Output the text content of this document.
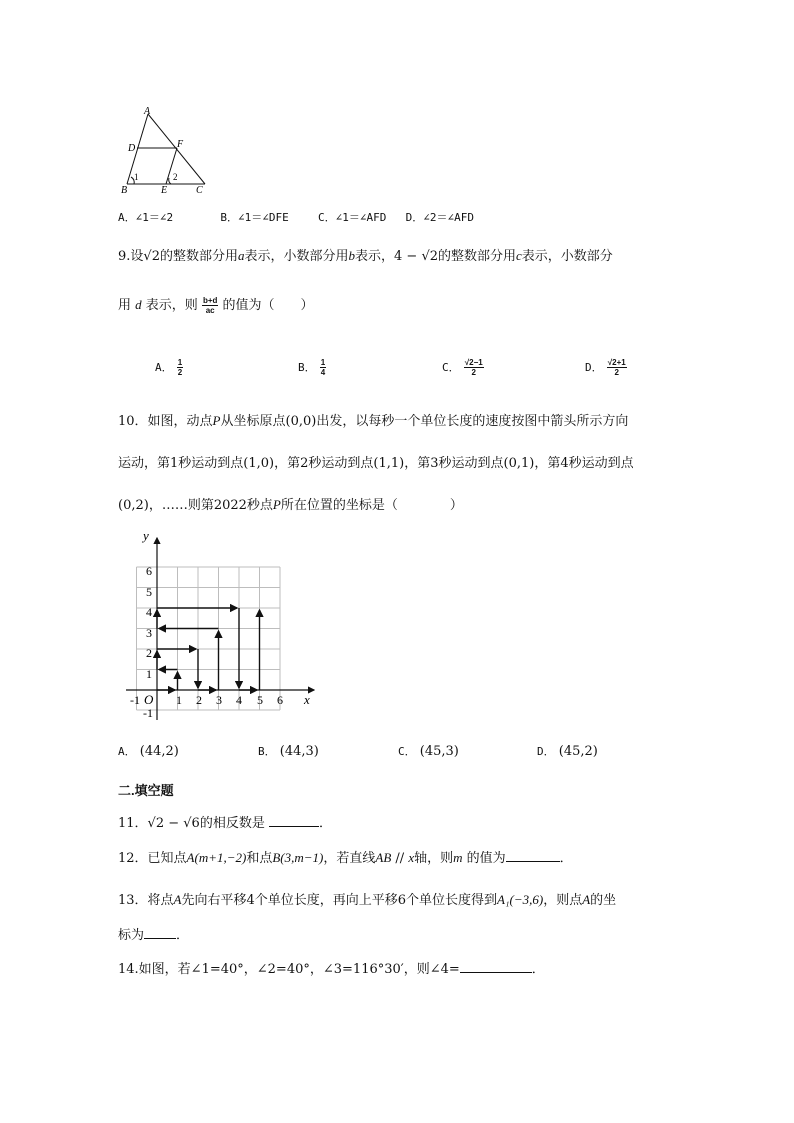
A
D	F
B	E	C
1	2
A．∠1＝∠2	B．∠1＝∠DFE	C．∠1＝∠AFD D．∠2＝∠AFD
9.设√2的整数部分用a表示，小数部分用b表示，4 − √2的整数部分用c表示，小数部分
用 d 表示，则 $\frac{b+d}{ac}$ 的值为（　　）
A． $\frac{1}{2}$	B． $\frac{1}{4}$	C． $\frac{√2-1}{2}$	D． $\frac{√2+1}{2}$
10．如图，动点P从坐标原点(0,0)出发，以每秒一个单位长度的速度按图中箭头所示方向
运动，第1秒运动到点(1,0)，第2秒运动到点(1,1)，第3秒运动到点(0,1)，第4秒运动到点
(0,2)，……则第2022秒点P所在位置的坐标是（　　　　）
y
x
O
6
5
4
3
2
1
-1
-1	1 2 3 4 5 6
A． (44,2)	B． (44,3)	C． (45,3)	D． (45,2)
二.填空题
11．√2 − √6的相反数是	．
12．已知点A(m+1,−2)和点B(3,m−1)，若直线AB // x轴，则m 的值为	．
13．将点A先向右平移4个单位长度，再向上平移6个单位长度得到A₁(−3,6)，则点A的坐
标为 ．
14.如图，若∠1=40°，∠2=40°，∠3=116°30′，则∠4=	．
